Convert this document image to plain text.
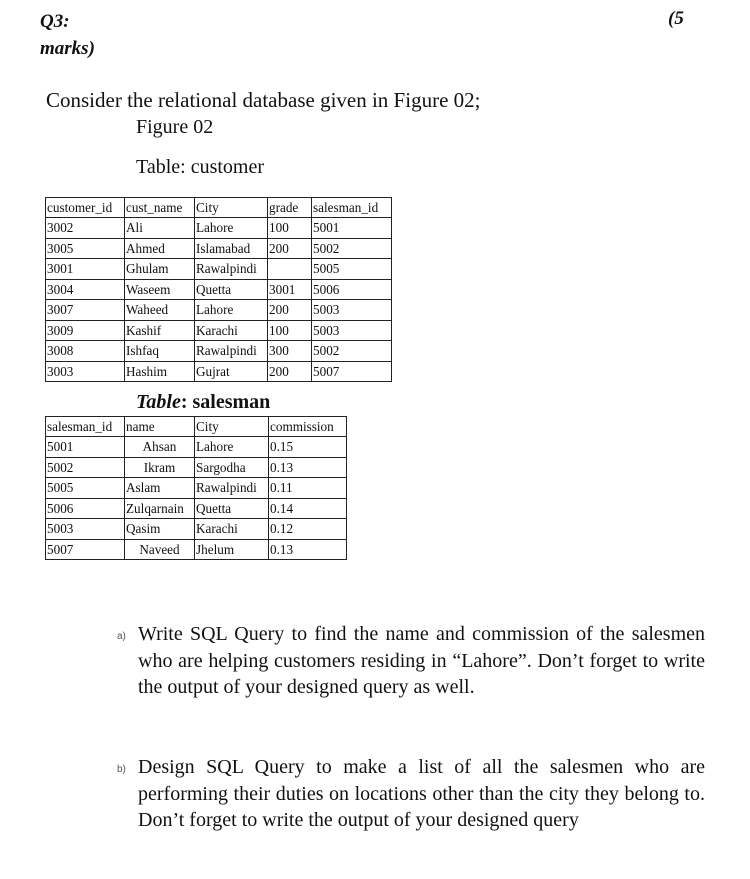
Q3:
marks)
(5
Consider the relational database given in Figure 02;
Figure 02
Table: customer
customer_id	cust_name	City	grade	salesman_id
3002	Ali	Lahore	100	5001
3005	Ahmed	Islamabad	200	5002
3001	Ghulam	Rawalpindi		5005
3004	Waseem	Quetta	3001	5006
3007	Waheed	Lahore	200	5003
3009	Kashif	Karachi	100	5003
3008	Ishfaq	Rawalpindi	300	5002
3003	Hashim	Gujrat	200	5007
Table: salesman
salesman_id	name	City	commission
5001	Ahsan	Lahore	0.15
5002	Ikram	Sargodha	0.13
5005	Aslam	Rawalpindi	0.11
5006	Zulqarnain	Quetta	0.14
5003	Qasim	Karachi	0.12
5007	Naveed	Jhelum	0.13
a) Write SQL Query to find the name and commission of the salesmen who are helping customers residing in “Lahore”. Don’t forget to write the output of your designed query as well.
b) Design SQL Query to make a list of all the salesmen who are performing their duties on locations other than the city they belong to. Don’t forget to write the output of your designed query
